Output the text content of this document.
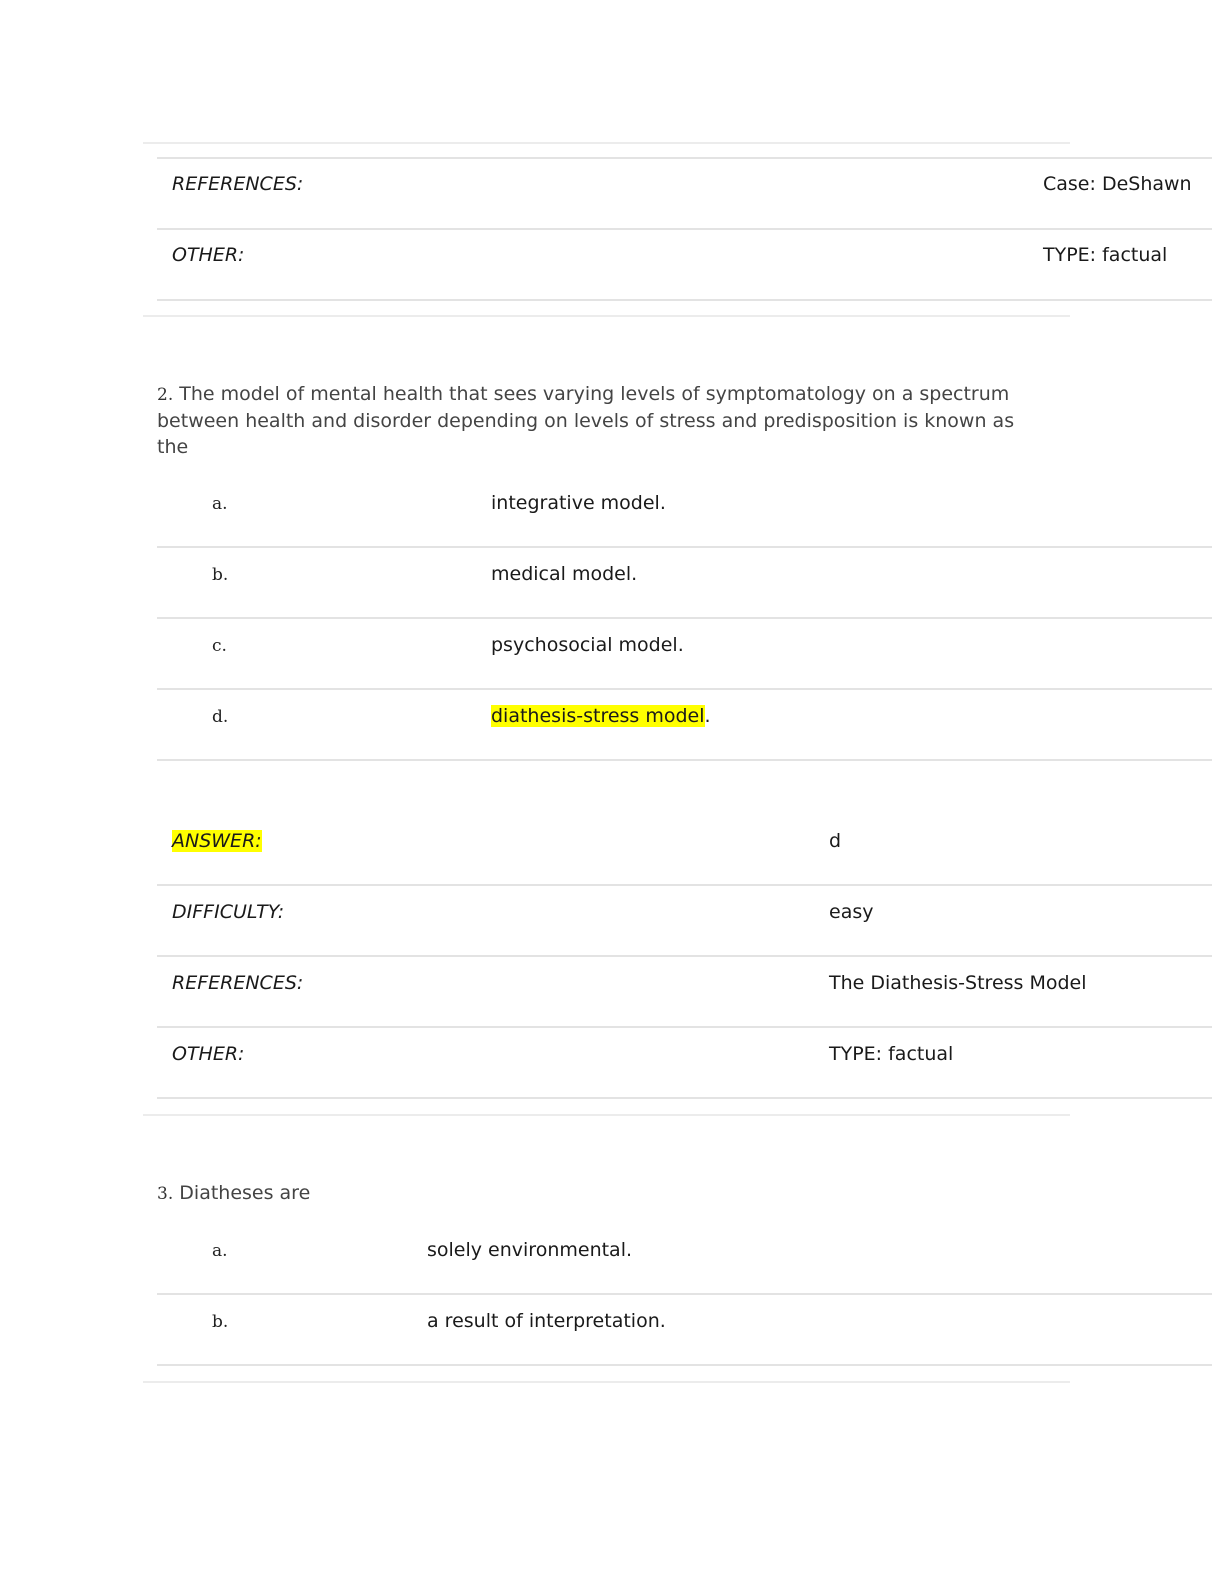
REFERENCES:	Case: DeShawn
OTHER:	TYPE: factual
2. The model of mental health that sees varying levels of symptomatology on a spectrum between health and disorder depending on levels of stress and predisposition is known as the
a.	integrative model.
b.	medical model.
c.	psychosocial model.
d.	diathesis-stress model.
ANSWER:	d
DIFFICULTY:	easy
REFERENCES:	The Diathesis-Stress Model
OTHER:	TYPE: factual
3. Diatheses are
a.	solely environmental.
b.	a result of interpretation.
